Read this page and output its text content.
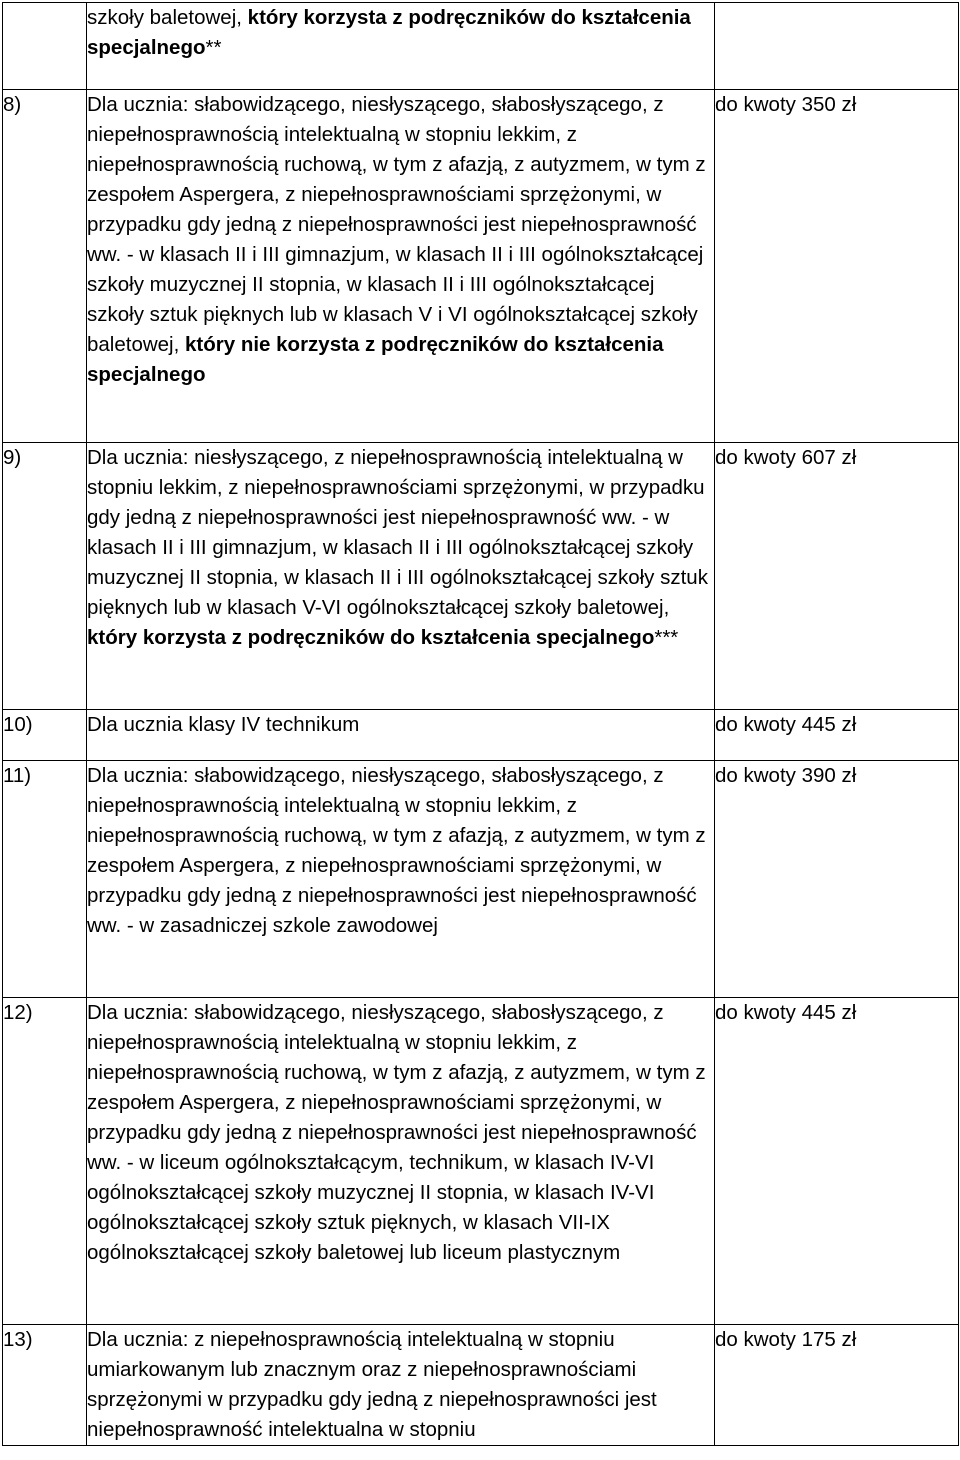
	szkoły baletowej, który korzysta z podręczników do kształcenia specjalnego**	

8)	Dla ucznia: słabowidzącego, niesłyszącego, słabosłyszącego, z niepełnosprawnością intelektualną w stopniu lekkim, z niepełnosprawnością ruchową, w tym z afazją, z autyzmem, w tym z zespołem Aspergera, z niepełnosprawnościami sprzężonymi, w przypadku gdy jedną z niepełnosprawności jest niepełnosprawność ww. - w klasach II i III gimnazjum, w klasach II i III ogólnokształcącej szkoły muzycznej II stopnia, w klasach II i III ogólnokształcącej szkoły sztuk pięknych lub w klasach V i VI ogólnokształcącej szkoły baletowej, który nie korzysta z podręczników do kształcenia specjalnego	do kwoty 350 zł
9)	Dla ucznia: niesłyszącego, z niepełnosprawnością intelektualną w stopniu lekkim, z niepełnosprawnościami sprzężonymi, w przypadku gdy jedną z niepełnosprawności jest niepełnosprawność ww. - w klasach II i III gimnazjum, w klasach II i III ogólnokształcącej szkoły muzycznej II stopnia, w klasach II i III ogólnokształcącej szkoły sztuk pięknych lub w klasach V-VI ogólnokształcącej szkoły baletowej, który korzysta z podręczników do kształcenia specjalnego***	do kwoty 607 zł
10)	Dla ucznia klasy IV technikum	do kwoty 445 zł
11)	Dla ucznia: słabowidzącego, niesłyszącego, słabosłyszącego, z niepełnosprawnością intelektualną w stopniu lekkim, z niepełnosprawnością ruchową, w tym z afazją, z autyzmem, w tym z zespołem Aspergera, z niepełnosprawnościami sprzężonymi, w przypadku gdy jedną z niepełnosprawności jest niepełnosprawność ww. - w zasadniczej szkole zawodowej	do kwoty 390 zł
12)	Dla ucznia: słabowidzącego, niesłyszącego, słabosłyszącego, z niepełnosprawnością intelektualną w stopniu lekkim, z niepełnosprawnością ruchową, w tym z afazją, z autyzmem, w tym z zespołem Aspergera, z niepełnosprawnościami sprzężonymi, w przypadku gdy jedną z niepełnosprawności jest niepełnosprawność ww. - w liceum ogólnokształcącym, technikum, w klasach IV-VI ogólnokształcącej szkoły muzycznej II stopnia, w klasach IV-VI ogólnokształcącej szkoły sztuk pięknych, w klasach VII-IX ogólnokształcącej szkoły baletowej lub liceum plastycznym	do kwoty 445 zł
13)	Dla ucznia: z niepełnosprawnością intelektualną w stopniu umiarkowanym lub znacznym oraz z niepełnosprawnościami sprzężonymi w przypadku gdy jedną z niepełnosprawności jest niepełnosprawność intelektualna w stopniu	do kwoty 175 zł
